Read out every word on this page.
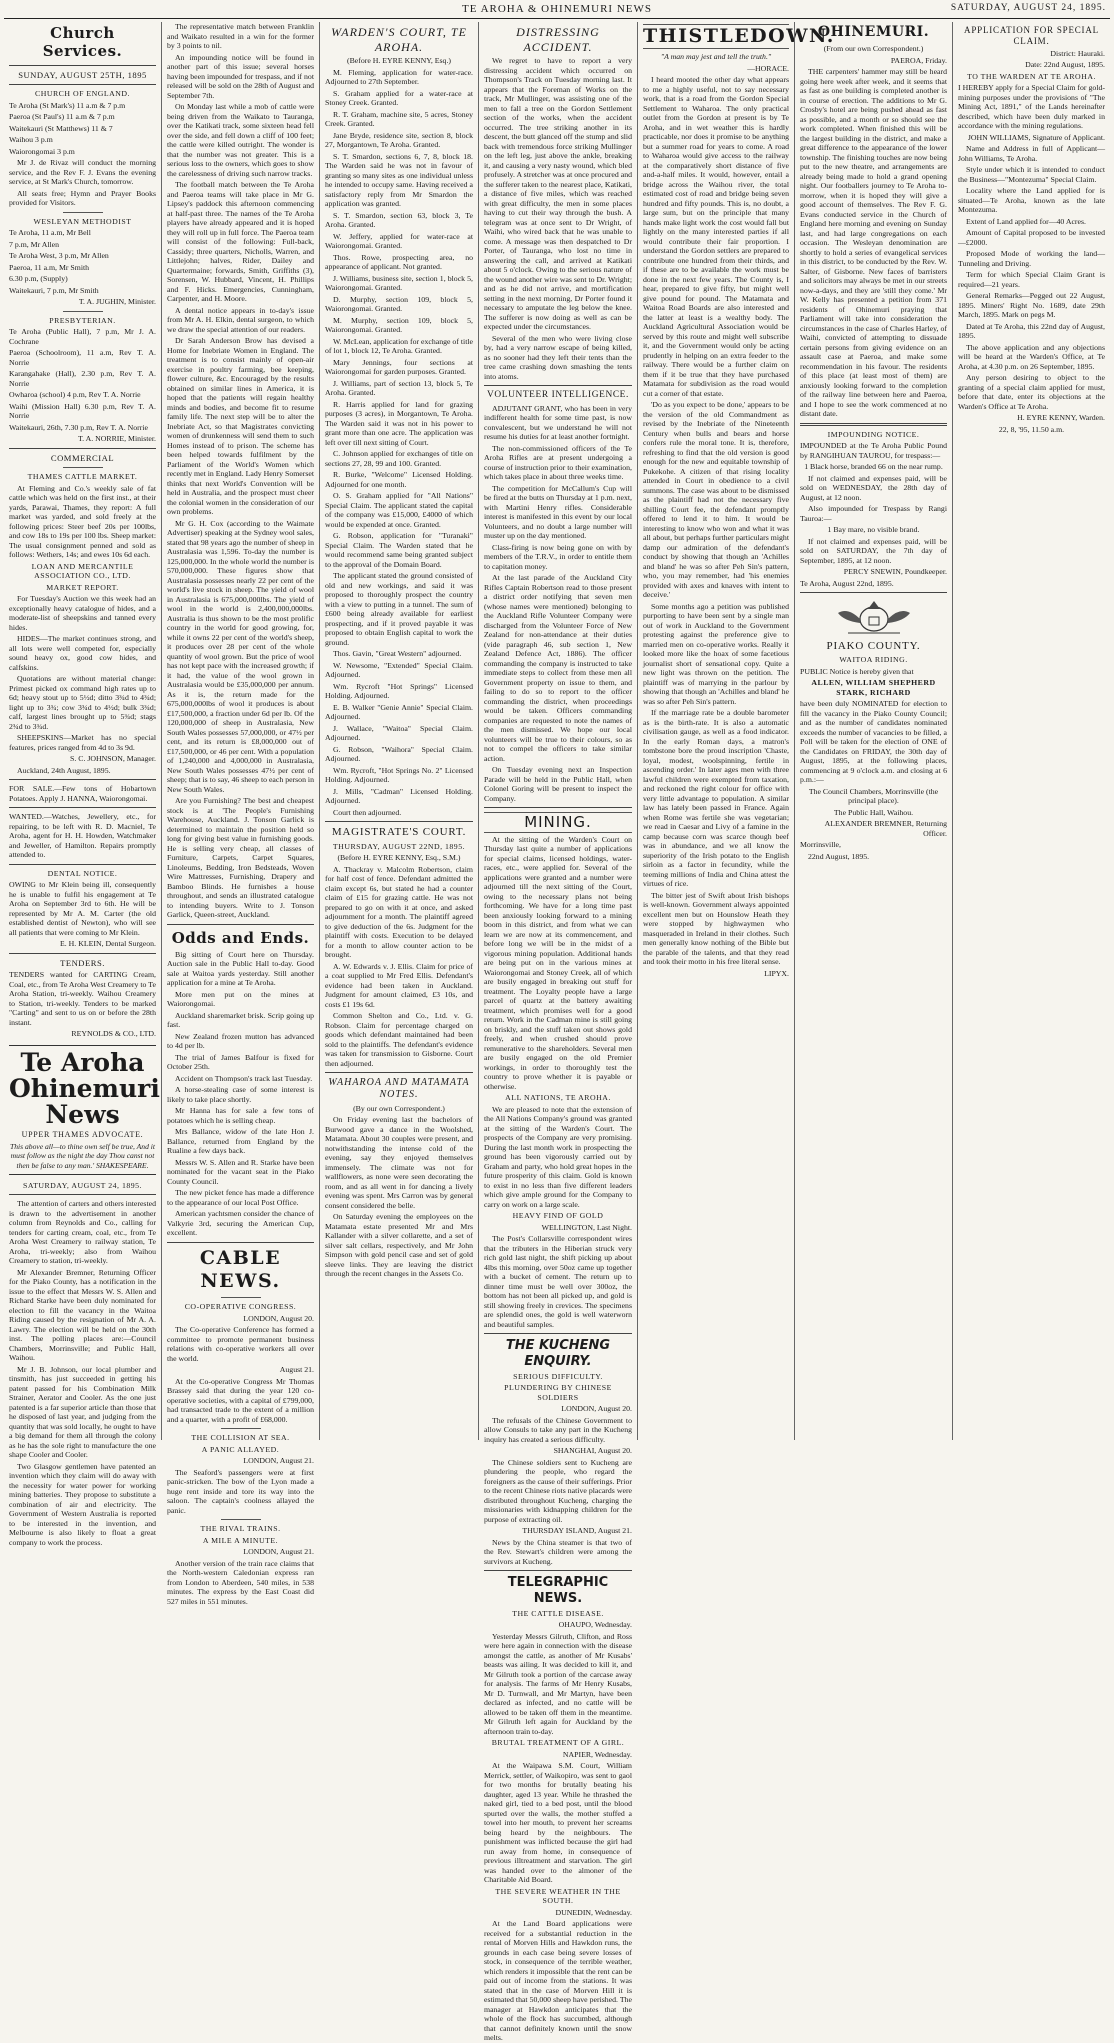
TE AROHA & OHINEMURI NEWS	SATURDAY, AUGUST 24, 1895.
Church Services.

SUNDAY, AUGUST 25TH, 1895

CHURCH OF ENGLAND.

Te Aroha (St Mark's) 11 a.m & 7 p.m

Paeroa (St Paul's) 11 a.m & 7 p.m

Waitekauri (St Matthews) 11 & 7

Waihou 3 p.m

Waiorongomai 3 p.m

Mr J. de Rivaz will conduct the morning service, and the Rev F. J. Evans the evening service, at St Mark's Church, tomorrow.

All seats free; Hymn and Prayer Books provided for Visitors.

WESLEYAN METHODIST

Te Aroha, 11 a.m, Mr Bell

7 p.m, Mr Allen

Te Aroha West, 3 p.m, Mr Allen

Paeroa, 11 a.m, Mr Smith

6.30 p.m, (Supply)

Waitekauri, 7 p.m, Mr Smith

T. A. JUGHIN, Minister.

PRESBYTERIAN.

Te Aroha (Public Hall), 7 p.m, Mr J. A. Cochrane

Paeroa (Schoolroom), 11 a.m, Rev T. A. Norrie

Karangahake (Hall), 2.30 p.m, Rev T. A. Norrie

Owharoa (school) 4 p.m, Rev T. A. Norrie

Waihi (Mission Hall) 6.30 p.m, Rev T. A. Norrie

Waitekauri, 26th, 7.30 p.m, Rev T. A. Norrie

T. A. NORRIE, Minister.

COMMERCIAL

THAMES CATTLE MARKET.

At Fleming and Co.'s weekly sale of fat cattle which was held on the first inst., at their yards, Parawai, Thames, they report: A full market was yarded, and sold freely at the following prices: Steer beef 20s per 100lbs, and cow 18s to 19s per 100 lbs. Sheep market: The usual consignment penned and sold as follows: Wethers, 14s; and ewes 10s 6d each.

LOAN AND MERCANTILE ASSOCIATION CO., LTD.

MARKET REPORT.

For Tuesday's Auction we this week had an exceptionally heavy catalogue of hides, and a moderate-list of sheepskins and tanned every hides.

HIDES—The market continues strong, and all lots were well competed for, especially sound heavy ox, good cow hides, and calfskins.

Quotations are without material change: Primest picked ox command high rates up to 6d; heavy stout up to 5½d; ditto 3¾d to 4¾d; light up to 3¾; cow 3¾d to 4½d; bulk 3¾d; calf, largest lines brought up to 5¾d; stags 2¾d to 3¾d.

SHEEPSKINS—Market has no special features, prices ranged from 4d to 3s 9d.

S. C. JOHNSON, Manager.

Auckland, 24th August, 1895.

FOR SALE.—Few tons of Hobartown Potatoes. Apply J. HANNA, Waiorongomai.

WANTED.—Watches, Jewellery, etc., for repairing, to be left with R. D. Macniel, Te Aroha, agent for H. H. Howden, Watchmaker and Jeweller, of Hamilton. Repairs promptly attended to.

DENTAL NOTICE.

OWING to Mr Klein being ill, consequently he is unable to fulfil his engagement at Te Aroha on September 3rd to 6th. He will be represented by Mr A. M. Carter (the old established dentist of Newton), who will see all patients that were coming to Mr Klein.

E. H. KLEIN, Dental Surgeon.

TENDERS.

TENDERS wanted for CARTING Cream, Coal, etc., from Te Aroha West Creamery to Te Aroha Station, tri-weekly. Waihou Creamery to Station, tri-weekly. Tenders to be marked "Carting" and sent to us on or before the 28th instant.

REYNOLDS & CO., LTD.

Te Aroha
Ohinemuri News
UPPER THAMES ADVOCATE.
This above all—to thine own self be true, And it must follow as the night the day Thou canst not then be false to any man.' SHAKESPEARE.

SATURDAY, AUGUST 24, 1895.

The attention of carters and others interested is drawn to the advertisement in another column from Reynolds and Co., calling for tenders for carting cream, coal, etc., from Te Aroha West Creamery to railway station, Te Aroha, tri-weekly; also from Waihou Creamery to station, tri-weekly.

Mr Alexander Bremner, Returning Officer for the Piako County, has a notification in the issue to the effect that Messrs W. S. Allen and Richard Starke have been duly nominated for election to fill the vacancy in the Waitoa Riding caused by the resignation of Mr A. A. Lawry. The election will be held on the 30th inst. The polling places are:—Council Chambers, Morrinsville; and Public Hall, Waihou.

Mr J. B. Johnson, our local plumber and tinsmith, has just succeeded in getting his patent passed for his Combination Milk Strainer, Aerator and Cooler. As the one just patented is a far superior article than those that he disposed of last year, and judging from the quantity that was sold locally, he ought to have a big demand for them all through the colony as he has the sole right to manufacture the one shape Cooler and Cooler.

Two Glasgow gentlemen have patented an invention which they claim will do away with the necessity for water power for working mining batteries. They propose to substitute a combination of air and electricity. The Government of Western Australia is reported to be interested in the invention, and Melbourne is also likely to float a great company to work the process.

The representative match between Franklin and Waikato resulted in a win for the former by 3 points to nil.

An impounding notice will be found in another part of this issue; several horses having been impounded for trespass, and if not released will be sold on the 28th of August and September 7th.

On Monday last while a mob of cattle were being driven from the Waikato to Tauranga, over the Katikati track, some sixteen head fell over the side, and fell down a cliff of 100 feet; the cattle were killed outright. The wonder is that the number was not greater. This is a serious loss to the owners, which goes to show the carelessness of driving such narrow tracks.

The football match between the Te Aroha and Paeroa teams will take place in Mr G. Lipsey's paddock this afternoon commencing at half-past three. The names of the Te Aroha players have already appeared and it is hoped they will roll up in full force. The Paeroa team will consist of the following: Full-back, Cassidy; three quarters, Nicholls, Warren, and Littlejohn; halves, Rider, Dailey and Quartermaine; forwards, Smith, Griffiths (3), Sorensen, W. Hubbard, Vincent, H. Phillips and F. Hicks. Emergencies, Cunningham, Carpenter, and H. Moore.

A dental notice appears in to-day's issue from Mr A. H. Elkin, dental surgeon, to which we draw the special attention of our readers.

Dr Sarah Anderson Brow has devised a Home for Inebriate Women in England. The treatment is to consist mainly of open-air exercise in poultry farming, bee keeping, flower culture, &c. Encouraged by the results obtained on similar lines in America, it is hoped that the patients will regain healthy minds and bodies, and become fit to resume family life. The next step will be to alter the Inebriate Act, so that Magistrates convicting women of drunkenness will send them to such Homes instead of to prison. The scheme has been helped towards fulfilment by the Parliament of the World's Women which recently met in England. Lady Henry Somerset thinks that next World's Convention will be held in Australia, and the prospect must cheer the colonial women in the consideration of our own problems.

Mr G. H. Cox (according to the Waimate Advertiser) speaking at the Sydney wool sales, stated that 98 years ago the number of sheep in Australasia was 1,596. To-day the number is 125,000,000. In the whole world the number is 570,000,000. These figures show that Australasia possesses nearly 22 per cent of the world's live stock in sheep. The yield of wool in Australasia is 675,000,000lbs. The yield of wool in the world is 2,400,000,000lbs. Australia is thus shown to be the most prolific country in the world for good growing, for, while it owns 22 per cent of the world's sheep, it produces over 28 per cent of the whole quantity of wool grown. But the price of wool has not kept pace with the increased growth; if it had, the value of the wool grown in Australasia would be £35,000,000 per annum. As it is, the return made for the 675,000,000lbs of wool it produces is about £17,500,000, a fraction under 6d per lb. Of the 120,000,000 of sheep in Australasia, New South Wales possesses 57,000,000, or 47½ per cent, and its return is £8,000,000 out of £17,500,000, or 46 per cent. With a population of 1,240,000 and 4,000,000 in Australasia, New South Wales possesses 47½ per cent of sheep; that is to say, 46 sheep to each person in New South Wales.

Are you Furnishing? The best and cheapest stock is at 'The People's Furnishing Warehouse, Auckland. J. Tonson Garlick is determined to maintain the position held so long for giving best value in furnishing goods. He is selling very cheap, all classes of Furniture, Carpets, Carpet Squares, Linoleums, Bedding, Iron Bedsteads, Woven Wire Mattresses, Furnishing, Drapery and Bamboo Blinds. He furnishes a house throughout, and sends an illustrated catalogue to intending buyers. Write to J. Tonson Garlick, Queen-street, Auckland.

Odds and Ends.

Big sitting of Court here on Thursday. Auction sale in the Public Hall to-day. Good sale at Waitoa yards yesterday. Still another application for a mine at Te Aroha.

More men put on the mines at Waiorongomai.

Auckland sharemarket brisk. Scrip going up fast.

New Zealand frozen mutton has advanced to 4d per lb.

The trial of James Balfour is fixed for October 25th.

Accident on Thompson's track last Tuesday.

A horse-stealing case of some interest is likely to take place shortly.

Mr Hanna has for sale a few tons of potatoes which he is selling cheap.

Mrs Ballance, widow of the late Hon J. Ballance, returned from England by the Rualine a few days back.

Messrs W. S. Allen and R. Starke have been nominated for the vacant seat in the Piako County Council.

The new picket fence has made a difference to the appearance of our local Post Office.

American yachtsmen consider the chance of Valkyrie 3rd, securing the American Cup, excellent.

CABLE NEWS.

CO-OPERATIVE CONGRESS.

LONDON, August 20.

The Co-operative Conference has formed a committee to promote permanent business relations with co-operative workers all over the world.

August 21.

At the Co-operative Congress Mr Thomas Brassey said that during the year 120 co-operative societies, with a capital of £799,000, had transacted trade to the extent of a million and a quarter, with a profit of £68,000.

THE COLLISION AT SEA.

A PANIC ALLAYED.

LONDON, August 21.

The Seaford's passengers were at first panic-stricken. The bow of the Lyon made a huge rent inside and tore its way into the saloon. The captain's coolness allayed the panic.

THE RIVAL TRAINS.

A MILE A MINUTE.

LONDON, August 21.

Another version of the train race claims that the North-western Caledonian express ran from London to Aberdeen, 540 miles, in 538 minutes. The express by the East Coast did 527 miles in 551 minutes.

WARDEN'S COURT, TE AROHA.

(Before H. EYRE KENNY, Esq.)

M. Fleming, application for water-race. Adjourned to 27th September.

S. Graham applied for a water-race at Stoney Creek. Granted.

R. T. Graham, machine site, 5 acres, Stoney Creek. Granted.

Jane Bryde, residence site, section 8, block 27, Morgantown, Te Aroha. Granted.

S. T. Smardon, sections 6, 7, 8, block 18. The Warden said he was not in favour of granting so many sites as one individual unless he intended to occupy same. Having received a satisfactory reply from Mr Smardon the application was granted.

S. T. Smardon, section 63, block 3, Te Aroha. Granted.

W. Jeffery, applied for water-race at Waiorongomai. Granted.

Thos. Rowe, prospecting area, no appearance of applicant. Not granted.

J. Williams, business site, section 1, block 5, Waiorongomai. Granted.

D. Murphy, section 109, block 5, Waiorongomai. Granted.

M. Murphy, section 109, block 5, Waiorongomai. Granted.

W. McLean, application for exchange of title of lot 1, block 12, Te Aroha. Granted.

Mary Jennings, four sections at Waiorongomai for garden purposes. Granted.

J. Williams, part of section 13, block 5, Te Aroha. Granted.

R. Harris applied for land for grazing purposes (3 acres), in Morgantown, Te Aroha. The Warden said it was not in his power to grant more than one acre. The application was left over till next sitting of Court.

C. Johnson applied for exchanges of title on sections 27, 28, 99 and 100. Granted.

R. Burke, "Welcome" Licensed Holding. Adjourned for one month.

O. S. Graham applied for "All Nations" Special Claim. The applicant stated the capital of the company was £15,000, £4000 of which would be expended at once. Granted.

G. Robson, application for "Turanaki" Special Claim. The Warden stated that he would recommend same being granted subject to the approval of the Domain Board.

The applicant stated the ground consisted of old and new workings, and said it was proposed to thoroughly prospect the country with a view to putting in a tunnel. The sum of £600 being already available for earliest prospecting, and if it proved payable it was proposed to obtain English capital to work the ground.

Thos. Gavin, "Great Western" adjourned.

W. Newsome, "Extended" Special Claim. Adjourned.

Wm. Rycroft "Hot Springs" Licensed Holding. Adjourned.

E. B. Walker "Genie Annie" Special Claim. Adjourned.

J. Wallace, "Waitoa" Special Claim. Adjourned.

G. Robson, "Waihora" Special Claim. Adjourned.

Wm. Rycroft, "Hot Springs No. 2" Licensed Holding. Adjourned.

J. Mills, "Cadman" Licensed Holding. Adjourned.

Court then adjourned.

MAGISTRATE'S COURT.

THURSDAY, AUGUST 22ND, 1895.

(Before H. EYRE KENNY, Esq., S.M.)

A. Thackray v. Malcolm Robertson, claim for half cost of fence. Defendant admitted the claim except 6s, but stated he had a counter claim of £15 for grazing cattle. He was not prepared to go on with it at once, and asked adjournment for a month. The plaintiff agreed to give deduction of the 6s. Judgment for the plaintiff with costs. Execution to be delayed for a month to allow counter action to be brought.

A. W. Edwards v. J. Ellis. Claim for price of a coat supplied to Mr Fred Ellis. Defendant's evidence had been taken in Auckland. Judgment for amount claimed, £3 10s, and costs £1 19s 6d.

Common Shelton and Co., Ltd. v. G. Robson. Claim for percentage charged on goods which defendant maintained had been sold to the plaintiffs. The defendant's evidence was taken for transmission to Gisborne. Court then adjourned.

WAHAROA AND MATAMATA NOTES.

(By our own Correspondent.)

On Friday evening last the bachelors of Burwood gave a dance in the Woolshed, Matamata. About 30 couples were present, and notwithstanding the intense cold of the evening, say they enjoyed themselves immensely. The climate was not for wallflowers, as none were seen decorating the room, and as all went in for dancing a lively evening was spent. Mrs Carron was by general consent considered the belle.

On Saturday evening the employees on the Matamata estate presented Mr and Mrs Kallander with a silver collarette, and a set of silver salt cellars, respectively, and Mr John Simpson with gold pencil case and set of gold sleeve links. They are leaving the district through the recent changes in the Assets Co.

DISTRESSING ACCIDENT.

We regret to have to report a very distressing accident which occurred on Thompson's Track on Tuesday morning last. It appears that the Foreman of Works on the track, Mr Mullinger, was assisting one of the men to fall a tree on the Gordon Settlement section of the works, when the accident occurred. The tree striking another in its descent, the butt glanced off the stump and slid back with tremendous force striking Mullinger on the left leg, just above the ankle, breaking it, and causing a very nasty wound, which bled profusely. A stretcher was at once procured and the sufferer taken to the nearest place, Katikati, a distance of five miles, which was reached with great difficulty, the men in some places having to cut their way through the bush. A telegram was at once sent to Dr Wright, of Waihi, who wired back that he was unable to come. A message was then despatched to Dr Porter, of Tauranga, who lost no time in answering the call, and arrived at Katikati about 5 o'clock. Owing to the serious nature of the wound another wire was sent to Dr. Wright; and as he did not arrive, and mortification setting in the next morning, Dr Porter found it necessary to amputate the leg below the knee. The sufferer is now doing as well as can be expected under the circumstances.

Several of the men who were living close by, had a very narrow escape of being killed, as no sooner had they left their tents than the tree came crashing down smashing the tents into atoms.

VOLUNTEER INTELLIGENCE.

ADJUTANT GRANT, who has been in very indifferent health for some time past, is now convalescent, but we understand he will not resume his duties for at least another fortnight.

The non-commissioned officers of the Te Aroha Rifles are at present undergoing a course of instruction prior to their examination, which takes place in about three weeks time.

The competition for McCallum's Cup will be fired at the butts on Thursday at 1 p.m. next, with Martini Henry rifles. Considerable interest is manifested in this event by our local Volunteers, and no doubt a large number will muster up on the day mentioned.

Class-firing is now being gone on with by members of the T.R.V., in order to entitle them to capitation money.

At the last parade of the Auckland City Rifles Captain Robertson read to those present a district order notifying that seven men (whose names were mentioned) belonging to the Auckland Rifle Volunteer Company were discharged from the Volunteer Force of New Zealand for non-attendance at their duties (vide paragraph 46, sub section 1, New Zealand Defence Act, 1886). The officer commanding the company is instructed to take immediate steps to collect from these men all Government property on issue to them, and failing to do so to report to the officer commanding the district, when proceedings would be taken. Officers commanding companies are requested to note the names of the men dismissed. We hope our local volunteers will be true to their colours, so as not to compel the officers to take similar action.

On Tuesday evening next an Inspection Parade will be held in the Public Hall, when Colonel Goring will be present to inspect the Company.

MINING.

At the sitting of the Warden's Court on Thursday last quite a number of applications for special claims, licensed holdings, water-races, etc., were applied for. Several of the applications were granted and a number were adjourned till the next sitting of the Court, owing to the necessary plans not being forthcoming. We have for a long time past been anxiously looking forward to a mining boom in this district, and from what we can learn we are now at its commencement, and before long we will be in the midst of a vigorous mining population. Additional hands are being put on in the various mines at Waiorongomai and Stoney Creek, all of which are busily engaged in breaking out stuff for treatment. The Loyalty people have a large parcel of quartz at the battery awaiting treatment, which promises well for a good return. Work in the Cadman mine is still going on briskly, and the stuff taken out shows gold freely, and when crushed should prove remunerative to the shareholders. Several men are busily engaged on the old Premier workings, in order to thoroughly test the country to prove whether it is payable or otherwise.

ALL NATIONS, TE AROHA.

We are pleased to note that the extension of the All Nations Company's ground was granted at the sitting of the Warden's Court. The prospects of the Company are very promising. During the last month work in prospecting the ground has been vigorously carried out by Graham and party, who hold great hopes in the future prosperity of this claim. Gold is known to exist in no less than five different leaders which give ample ground for the Company to carry on work on a large scale.

HEAVY FIND OF GOLD

WELLINGTON, Last Night.

The Post's Collarsville correspondent wires that the tributers in the Hiberian struck very rich gold last night, the shift picking up about 4lbs this morning, over 50oz came up together with a bucket of cement. The return up to dinner time must be well over 300oz, the bottom has not been all picked up, and gold is still showing freely in crevices. The specimens are splendid ones, the gold is well waterworn and beautiful samples.

THE KUCHENG ENQUIRY.

SERIOUS DIFFICULTY.

PLUNDERING BY CHINESE SOLDIERS

LONDON, August 20.

The refusals of the Chinese Government to allow Consuls to take any part in the Kucheng inquiry has created a serious difficulty.

SHANGHAI, August 20.

The Chinese soldiers sent to Kucheng are plundering the people, who regard the foreigners as the cause of their sufferings. Prior to the recent Chinese riots native placards were distributed throughout Kucheng, charging the missionaries with kidnapping children for the purpose of extracting oil.

THURSDAY ISLAND, August 21.

News by the China steamer is that two of the Rev. Stewart's children were among the survivors at Kucheng.

TELEGRAPHIC NEWS.

THE CATTLE DISEASE.

OHAUPO, Wednesday.

Yesterday Messrs Gilruth, Clifton, and Ross were here again in connection with the disease amongst the cattle, as another of Mr Kusabs' beasts was ailing. It was decided to kill it, and Mr Gilruth took a portion of the carcase away for analysis. The farms of Mr Henry Kusabs, Mr D. Turnwall, and Mr Martyn, have been declared as infected, and no cattle will be allowed to be taken off them in the meantime. Mr Gilruth left again for Auckland by the afternoon train to-day.

BRUTAL TREATMENT OF A GIRL.

NAPIER, Wednesday.

At the Waipawa S.M. Court, William Merrick, settler, of Waikopiro, was sent to gaol for two months for brutally beating his daughter, aged 13 year. While he thrashed the naked girl, tied to a bed post, until the blood spurted over the walls, the mother stuffed a towel into her mouth, to prevent her screams being heard by the neighbours. The punishment was inflicted because the girl had run away from home, in consequence of previous illtreatment and starvation. The girl was handed over to the almoner of the Charitable Aid Board.

THE SEVERE WEATHER IN THE SOUTH.

DUNEDIN, Wednesday.

At the Land Board applications were received for a substantial reduction in the rental of Morven Hills and Hawkdon runs, the grounds in each case being severe losses of stock, in consequence of the terrible weather, which renders it impossible that the rent can be paid out of income from the stations. It was stated that in the case of Morven Hill it is estimated that 50,000 sheep have perished. The manager at Hawkdon anticipates that the whole of the flock has succumbed, although that cannot definitely known until the snow melts.

THISTLEDOWN.

"A man may jest and tell the truth."

—HORACE.

I heard mooted the other day what appears to me a highly useful, not to say necessary work, that is a road from the Gordon Special Settlement to Waharoa. The only practical outlet from the Gordon at present is by Te Aroha, and in wet weather this is hardly practicable, nor does it promise to be anything but a summer road for years to come. A road to Waharoa would give access to the railway at the comparatively short distance of five and-a-half miles. It would, however, entail a bridge across the Waihou river, the total estimated cost of road and bridge being seven hundred and fifty pounds. This is, no doubt, a large sum, but on the principle that many hands make light work the cost would fall but lightly on the many interested parties if all would contribute their fair proportion. I understand the Gordon settlers are prepared to contribute one hundred from their thirds, and if these are to be available the work must be done in the next few years. The County is, I hear, prepared to give fifty, but might well give pound for pound. The Matamata and Waitoa Road Boards are also interested and the latter at least is a wealthy body. The Auckland Agricultural Association would be served by this route and might well subscribe it, and the Government would only be acting prudently in helping on an extra feeder to the railway. There would be a further claim on them if it be true that they have purchased Matamata for subdivision as the road would cut a corner of that estate.

'Do as you expect to be done,' appears to be the version of the old Commandment as revised by the Inebriate of the Nineteenth Century when bulls and bears and horse confers rule the moral tone. It is, therefore, refreshing to find that the old version is good enough for the new and equitable township of Pukekohe. A citizen of that rising locality attended in Court in obedience to a civil summons. The case was about to be dismissed as the plaintiff had not the necessary five shilling Court fee, the defendant promptly offered to lend it to him. It would be interesting to know who won and what it was all about, but perhaps further particulars might damp our admiration of the defendant's conduct by showing that though an 'Achilles and bland' he was so after Peh Sin's pattern, who, you may remember, had 'his enemies provided with axes and knaves with intent to deceive.'

Some months ago a petition was published purporting to have been sent by a single man out of work in Auckland to the Government protesting against the preference give to married men on co-operative works. Really it looked more like the hoax of some facetious journalist short of sensational copy. Quite a new light was thrown on the petition. The plaintiff was of marrying in the parlour by showing that though an 'Achilles and bland' he was so after Peh Sin's pattern.

If the marriage rate be a double barometer as is the birth-rate. It is also a automatic civilisation gauge, as well as a food indicator. In the early Roman days, a matron's tombstone bore the proud inscription 'Chaste, loyal, modest, woolspinning, fertile in ascending order.' In later ages men with three lawful children were exempted from taxation, and reckoned the right colour for office with very little advantage to population. A similar law has lately been passed in France. Again when Rome was fertile she was vegetarian; we read in Caesar and Livy of a famine in the camp because corn was scarce though beef was in abundance, and we all know the superiority of the Irish potato to the English sirloin as a factor in fecundity, while the teeming millions of India and China attest the virtues of rice.

The bitter jest of Swift about Irish bishops is well-known. Government always appointed excellent men but on Hounslow Heath they were stopped by highwaymen who masqueraded in Ireland in their clothes. Such men generally know nothing of the Bible but the parable of the talents, and that they read and took their motto in his free literal sense.

LIPYX.

OHINEMURI.

(From our own Correspondent.)

PAEROA, Friday.

THE carpenters' hammer may still be heard going here week after week, and it seems that as fast as one building is completed another is in course of erection. The additions to Mr G. Crosby's hotel are being pushed ahead as fast as possible, and a month or so should see the work completed. When finished this will be the largest building in the district, and make a great difference to the appearance of the lower township. The finishing touches are now being put to the new theatre, and arrangements are already being made to hold a grand opening night. Our footballers journey to Te Aroha to-morrow, when it is hoped they will give a good account of themselves. The Rev F. G. Evans conducted service in the Church of England here morning and evening on Sunday last, and had large congregations on each occasion. The Wesleyan denomination are shortly to hold a series of evangelical services in this district, to be conducted by the Rev. W. Salter, of Gisborne. New faces of barristers and solicitors may always be met in our streets now-a-days, and they are 'still they come.' Mr W. Kelly has presented a petition from 371 residents of Ohinemuri praying that Parliament will take into consideration the circumstances in the case of Charles Harley, of Waihi, convicted of attempting to dissuade certain persons from giving evidence on an assault case at Paeroa, and make some recommendation in his favour. The residents of this place (at least most of them) are anxiously looking forward to the completion of the railway line between here and Paeroa, and I hope to see the work commenced at no distant date.

IMPOUNDING NOTICE.

IMPOUNDED at the Te Aroha Public Pound by RANGIHUAN TAUROU, for trespass:—

1 Black horse, branded 66 on the near rump.

If not claimed and expenses paid, will be sold on WEDNESDAY, the 28th day of August, at 12 noon.

Also impounded for Trespass by Rangi Tauroa:—

1 Bay mare, no visible brand.

If not claimed and expenses paid, will be sold on SATURDAY, the 7th day of September, 1895, at 12 noon.

PERCY SNEWIN, Poundkeeper.

Te Aroha, August 22nd, 1895.

PIAKO COUNTY.

WAITOA RIDING.

PUBLIC Notice is hereby given that

ALLEN, WILLIAM SHEPHERD STARK, RICHARD

have been duly NOMINATED for election to fill the vacancy in the Piako County Council; and as the number of candidates nominated exceeds the number of vacancies to be filled, a Poll will be taken for the election of ONE of the Candidates on FRIDAY, the 30th day of August, 1895, at the following places, commencing at 9 o'clock a.m. and closing at 6 p.m.:—

The Council Chambers, Morrinsville (the principal place).

The Public Hall, Waihou.

ALEXANDER BREMNER, Returning Officer.

Morrinsville,

22nd August, 1895.

APPLICATION FOR SPECIAL CLAIM.

District: Hauraki.

Date: 22nd August, 1895.

TO THE WARDEN AT TE AROHA.

I HEREBY apply for a Special Claim for gold-mining purposes under the provisions of "The Mining Act, 1891," of the Lands hereinafter described, which have been duly marked in accordance with the mining regulations.

JOHN WILLIAMS, Signature of Applicant.

Name and Address in full of Applicant—John Williams, Te Aroha.

Style under which it is intended to conduct the Business—"Montezuma" Special Claim.

Locality where the Land applied for is situated—Te Aroha, known as the late Montezuma.

Extent of Land applied for—40 Acres.

Amount of Capital proposed to be invested—£2000.

Proposed Mode of working the land—Tunneling and Driving.

Term for which Special Claim Grant is required—21 years.

General Remarks—Pegged out 22 August, 1895. Miners' Right No. 1689, date 29th March, 1895. Mark on pegs M.

Dated at Te Aroha, this 22nd day of August, 1895.

The above application and any objections will be heard at the Warden's Office, at Te Aroha, at 4.30 p.m. on 26 September, 1895.

Any person desiring to object to the granting of a special claim applied for must, before that date, enter its objections at the Warden's Office at Te Aroha.

H. EYRE KENNY, Warden.

22, 8, '95, 11.50 a.m.
